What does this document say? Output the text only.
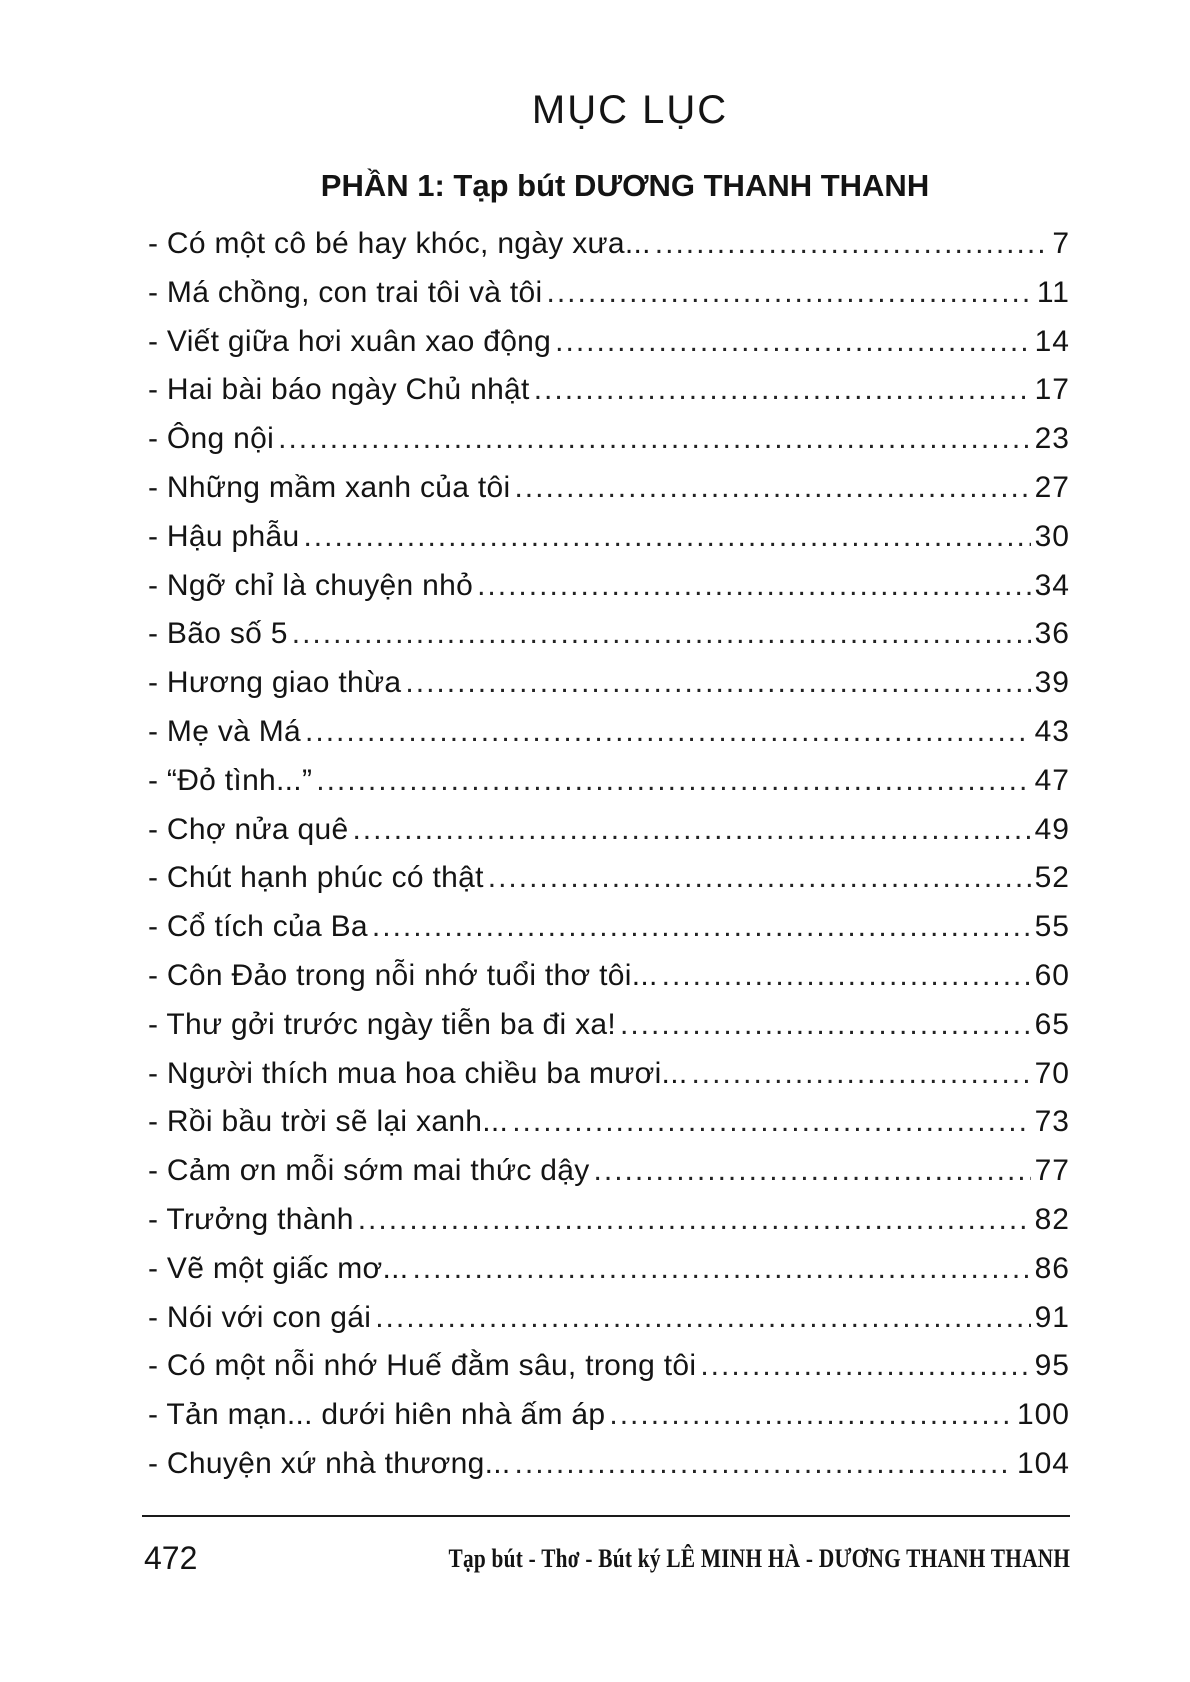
MỤC LỤC
PHẦN 1: Tạp bút DƯƠNG THANH THANH
- Có một cô bé hay khóc, ngày xưa... .....	7
- Má chồng, con trai tôi và tôi .....	11
- Viết giữa hơi xuân xao động .....	14
- Hai bài báo ngày Chủ nhật .....	17
- Ông nội .....	23
- Những mầm xanh của tôi .....	27
- Hậu phẫu .....	30
- Ngỡ chỉ là chuyện nhỏ .....	34
- Bão số 5 .....	36
- Hương giao thừa .....	39
- Mẹ và Má .....	43
- “Đỏ tình...” .....	47
- Chợ nửa quê .....	49
- Chút hạnh phúc có thật .....	52
- Cổ tích của Ba .....	55
- Côn Đảo trong nỗi nhớ tuổi thơ tôi... .....	60
- Thư gởi trước ngày tiễn ba đi xa! .....	65
- Người thích mua hoa chiều ba mươi... .....	70
- Rồi bầu trời sẽ lại xanh... .....	73
- Cảm ơn mỗi sớm mai thức dậy .....	77
- Trưởng thành .....	82
- Vẽ một giấc mơ... .....	86
- Nói với con gái .....	91
- Có một nỗi nhớ Huế đằm sâu, trong tôi .....	95
- Tản mạn... dưới hiên nhà ấm áp .....	100
- Chuyện xứ nhà thương... .....	104
472	Tạp bút - Thơ - Bút ký LÊ MINH HÀ - DƯƠNG THANH THANH
